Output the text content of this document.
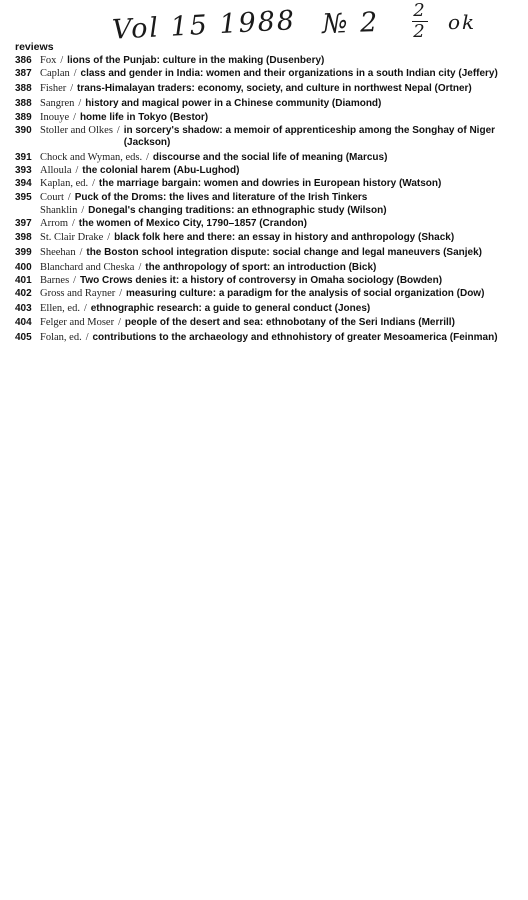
Vol 15 1988 № 2 2
2 ok
reviews
386 Fox / lions of the Punjab: culture in the making (Dusenbery)
387 Caplan / class and gender in India: women and their organizations in a south Indian city (Jeffery)
388 Fisher / trans-Himalayan traders: economy, society, and culture in northwest Nepal (Ortner)
388 Sangren / history and magical power in a Chinese community (Diamond)
389 Inouye / home life in Tokyo (Bestor)
390 Stoller and Olkes / in sorcery's shadow: a memoir of apprenticeship among the Songhay of Niger (Jackson)
391 Chock and Wyman, eds. / discourse and the social life of meaning (Marcus)
393 Alloula / the colonial harem (Abu-Lughod)
394 Kaplan, ed. / the marriage bargain: women and dowries in European history (Watson)
395 Court / Puck of the Droms: the lives and literature of the Irish Tinkers
Shanklin / Donegal's changing traditions: an ethnographic study (Wilson)
397 Arrom / the women of Mexico City, 1790–1857 (Crandon)
398 St. Clair Drake / black folk here and there: an essay in history and anthropology (Shack)
399 Sheehan / the Boston school integration dispute: social change and legal maneuvers (Sanjek)
400 Blanchard and Cheska / the anthropology of sport: an introduction (Bick)
401 Barnes / Two Crows denies it: a history of controversy in Omaha sociology (Bowden)
402 Gross and Rayner / measuring culture: a paradigm for the analysis of social organization (Dow)
403 Ellen, ed. / ethnographic research: a guide to general conduct (Jones)
404 Felger and Moser / people of the desert and sea: ethnobotany of the Seri Indians (Merrill)
405 Folan, ed. / contributions to the archaeology and ethnohistory of greater Mesoamerica (Feinman)
